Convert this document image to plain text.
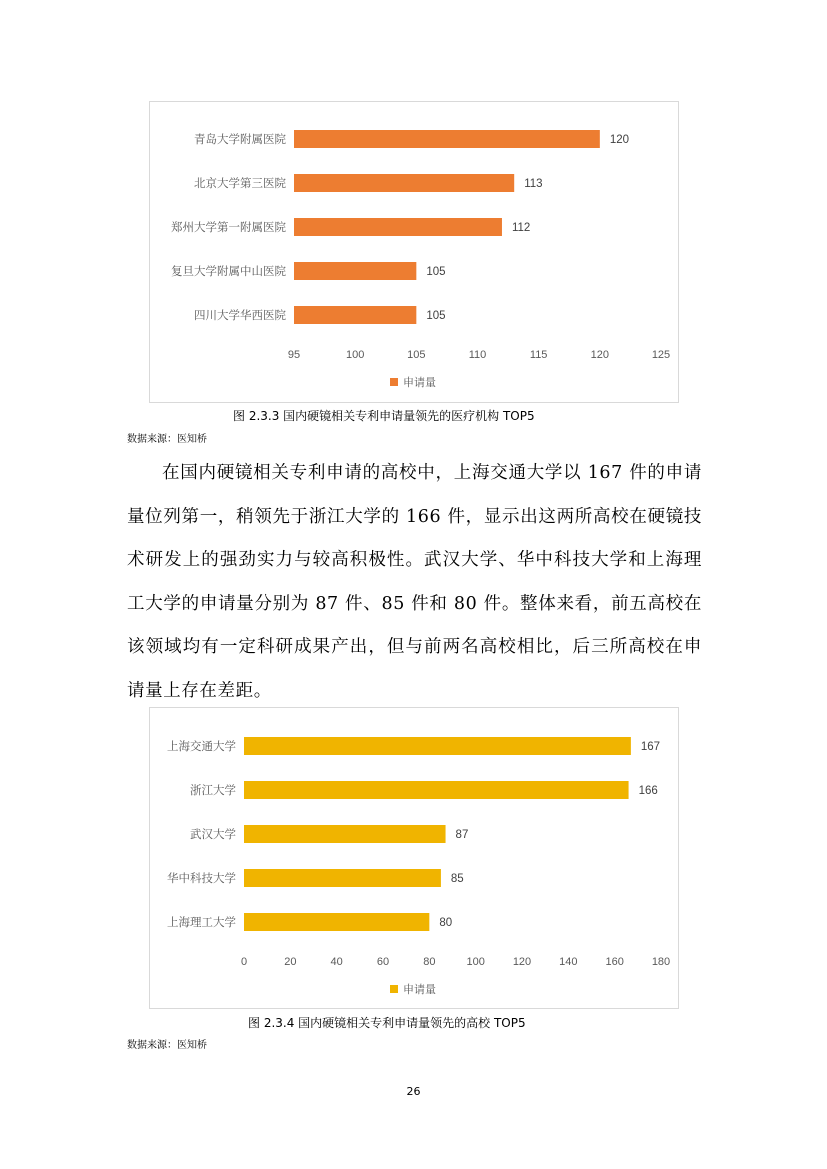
青岛大学附属医院	120
北京大学第三医院	113
郑州大学第一附属医院	112
复旦大学附属中山医院	105
四川大学华西医院	105
95	100	105	110	115	120	125
申请量
图 2.3.3 国内硬镜相关专利申请量领先的医疗机构 TOP5
数据来源：医知桥

在国内硬镜相关专利申请的高校中，上海交通大学以 167 件的申请量位列第一，稍领先于浙江大学的 166 件，显示出这两所高校在硬镜技术研发上的强劲实力与较高积极性。武汉大学、华中科技大学和上海理工大学的申请量分别为 87 件、85 件和 80 件。整体来看，前五高校在该领域均有一定科研成果产出，但与前两名高校相比，后三所高校在申请量上存在差距。

上海交通大学	167
浙江大学	166
武汉大学	87
华中科技大学	85
上海理工大学	80
0	20	40	60	80	100	120	140	160	180
申请量
图 2.3.4 国内硬镜相关专利申请量领先的高校 TOP5
数据来源：医知桥
26
